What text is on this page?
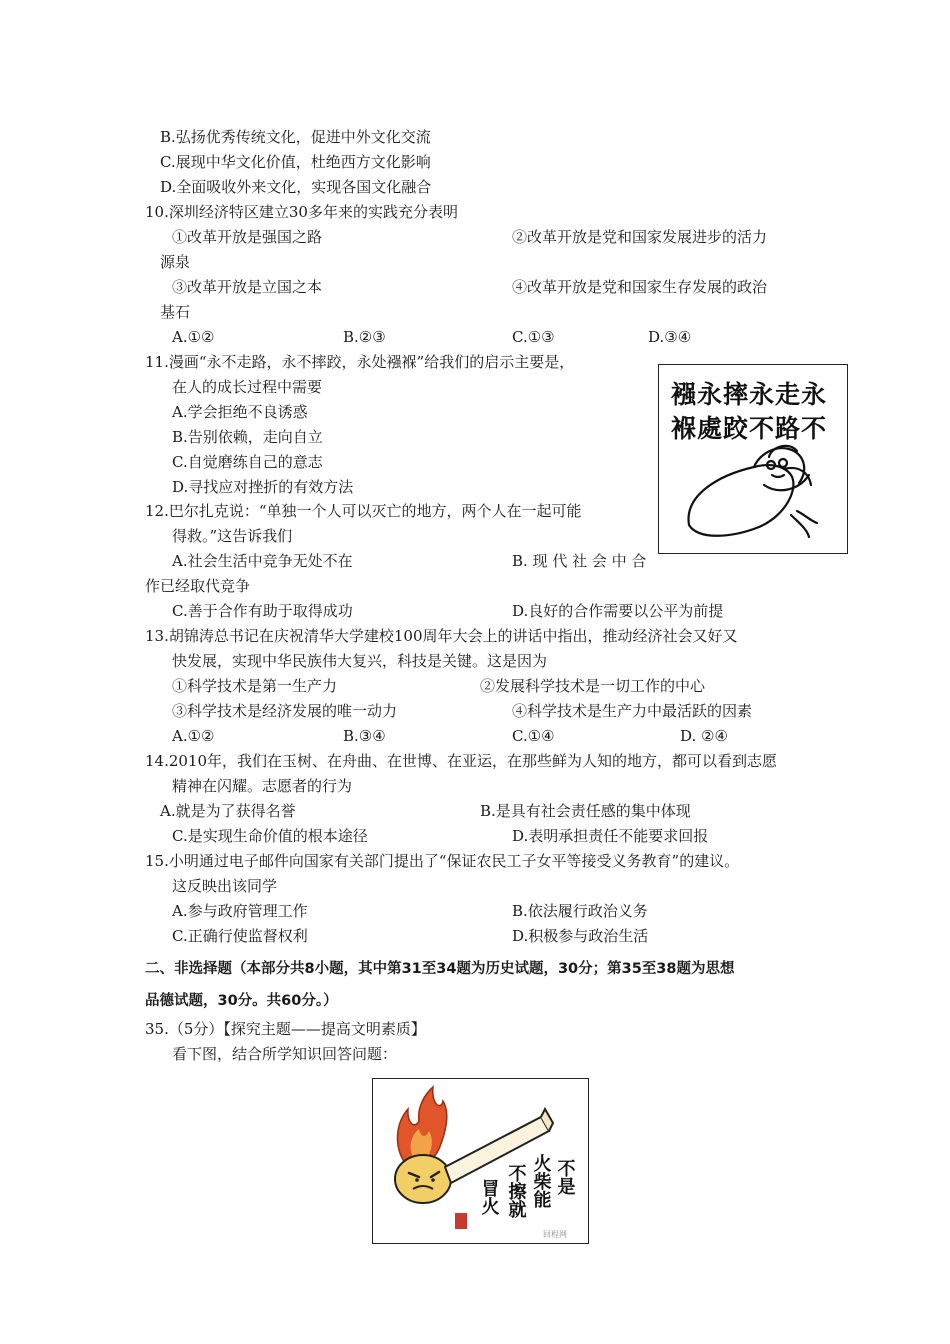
B.弘扬优秀传统文化，促进中外文化交流
C.展现中华文化价值，杜绝西方文化影响
D.全面吸收外来文化，实现各国文化融合
10.深圳经济特区建立30多年来的实践充分表明
①改革开放是强国之路	②改革开放是党和国家发展进步的活力
源泉
③改革开放是立国之本	④改革开放是党和国家生存发展的政治
基石
A.①②	B.②③	C.①③	D.③④
11.漫画“永不走路，永不摔跤，永处襁褓”给我们的启示主要是，
在人的成长过程中需要
A.学会拒绝不良诱惑
B.告别依赖，走向自立
C.自觉磨练自己的意志
D.寻找应对挫折的有效方法
襁永摔永走永
褓處跤不路不
12.巴尔扎克说：“单独一个人可以灭亡的地方，两个人在一起可能
得救。”这告诉我们
A.社会生活中竞争无处不在	B. 现 代 社 会 中 合
作已经取代竞争
C.善于合作有助于取得成功	D.良好的合作需要以公平为前提
13.胡锦涛总书记在庆祝清华大学建校100周年大会上的讲话中指出，推动经济社会又好又
快发展，实现中华民族伟大复兴，科技是关键。这是因为
①科学技术是第一生产力	②发展科学技术是一切工作的中心
③科学技术是经济发展的唯一动力	④科学技术是生产力中最活跃的因素
A.①②	B.③④	C.①④	D. ②④
14.2010年，我们在玉树、在舟曲、在世博、在亚运，在那些鲜为人知的地方，都可以看到志愿
精神在闪耀。志愿者的行为
A.就是为了获得名誉	B.是具有社会责任感的集中体现
C.是实现生命价值的根本途径	D.表明承担责任不能要求回报
15.小明通过电子邮件向国家有关部门提出了“保证农民工子女平等接受义务教育”的建议。
这反映出该同学
A.参与政府管理工作	B.依法履行政治义务
C.正确行使监督权利	D.积极参与政治生活
二、非选择题（本部分共8小题，其中第31至34题为历史试题，30分；第35至38题为思想
品德试题，30分。共60分。）
35.（5分）【探究主题——提高文明素质】
看下图，结合所学知识回答问题：
不是
火柴能
不擦就
冒火
回程网
